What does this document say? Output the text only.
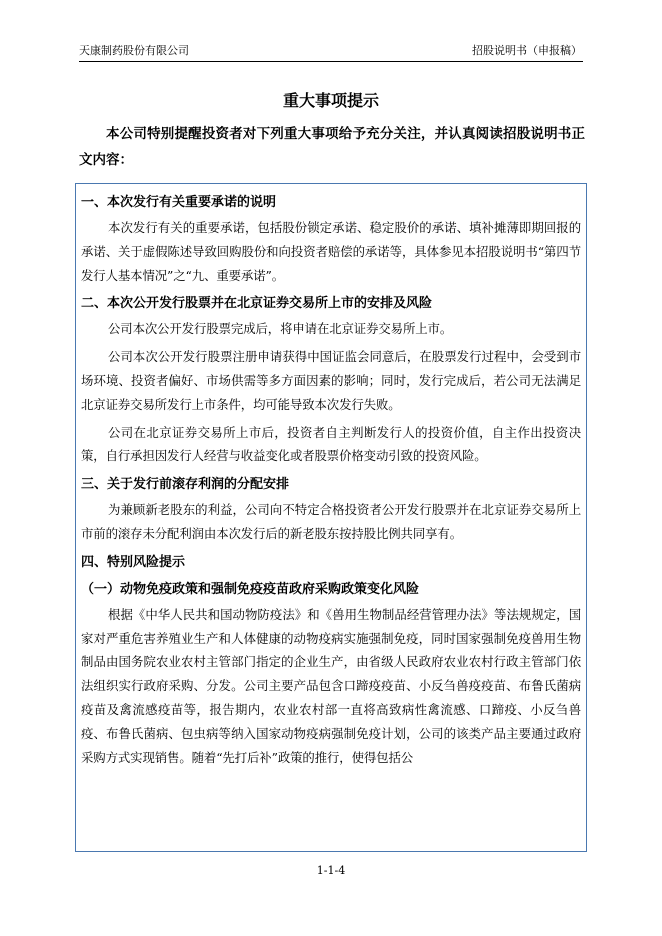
天康制药股份有限公司	招股说明书（申报稿）
重大事项提示
本公司特别提醒投资者对下列重大事项给予充分关注，并认真阅读招股说明书正文内容：
一、本次发行有关重要承诺的说明
本次发行有关的重要承诺，包括股份锁定承诺、稳定股价的承诺、填补摊薄即期回报的承诺、关于虚假陈述导致回购股份和向投资者赔偿的承诺等，具体参见本招股说明书“第四节 发行人基本情况”之“九、重要承诺”。
二、本次公开发行股票并在北京证券交易所上市的安排及风险
公司本次公开发行股票完成后，将申请在北京证券交易所上市。
公司本次公开发行股票注册申请获得中国证监会同意后，在股票发行过程中，会受到市场环境、投资者偏好、市场供需等多方面因素的影响；同时，发行完成后，若公司无法满足北京证券交易所发行上市条件，均可能导致本次发行失败。
公司在北京证券交易所上市后，投资者自主判断发行人的投资价值，自主作出投资决策，自行承担因发行人经营与收益变化或者股票价格变动引致的投资风险。
三、关于发行前滚存利润的分配安排
为兼顾新老股东的利益，公司向不特定合格投资者公开发行股票并在北京证券交易所上市前的滚存未分配利润由本次发行后的新老股东按持股比例共同享有。
四、特别风险提示
（一）动物免疫政策和强制免疫疫苗政府采购政策变化风险
根据《中华人民共和国动物防疫法》和《兽用生物制品经营管理办法》等法规规定，国家对严重危害养殖业生产和人体健康的动物疫病实施强制免疫，同时国家强制免疫兽用生物制品由国务院农业农村主管部门指定的企业生产，由省级人民政府农业农村行政主管部门依法组织实行政府采购、分发。公司主要产品包含口蹄疫疫苗、小反刍兽疫疫苗、布鲁氏菌病疫苗及禽流感疫苗等，报告期内，农业农村部一直将高致病性禽流感、口蹄疫、小反刍兽疫、布鲁氏菌病、包虫病等纳入国家动物疫病强制免疫计划，公司的该类产品主要通过政府采购方式实现销售。随着“先打后补”政策的推行，使得包括公
1-1-4
